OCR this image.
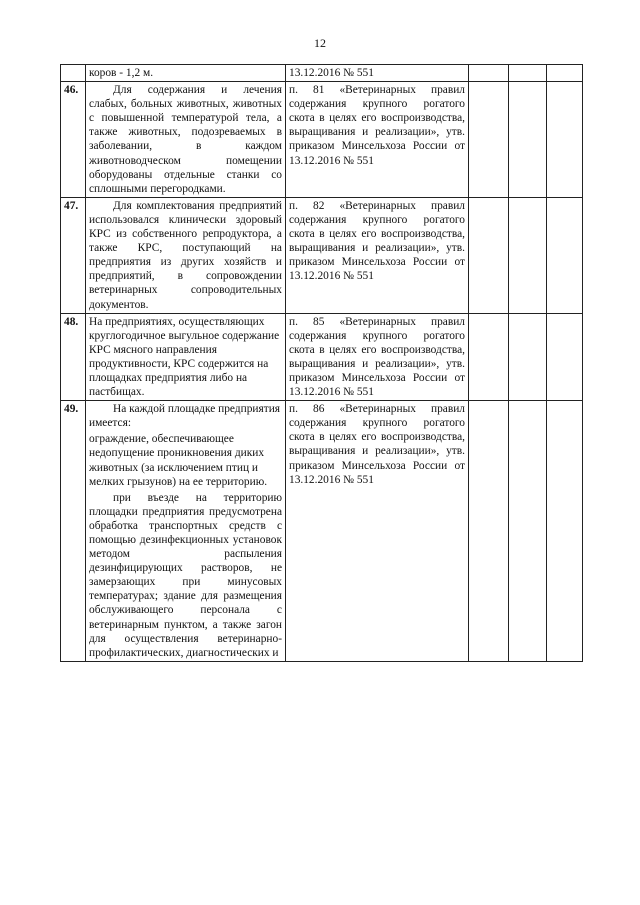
12

	коров - 1,2 м.	13.12.2016 № 551			
46.	Для содержания и лечения слабых, больных животных, животных с повышенной температурой тела, а также животных, подозреваемых в заболевании, в каждом животноводческом помещении оборудованы отдельные станки со сплошными перегородками.	п. 81 «Ветеринарных правил содержания крупного рогатого скота в целях его воспроизводства, выращивания и реализации», утв. приказом Минсельхоза России от 13.12.2016 № 551			
47.	Для комплектования предприятий использовался клинически здоровый КРС из собственного репродуктора, а также КРС, поступающий на предприятия из других хозяйств и предприятий, в сопровождении ветеринарных сопроводительных документов.	п. 82 «Ветеринарных правил содержания крупного рогатого скота в целях его воспроизводства, выращивания и реализации», утв. приказом Минсельхоза России от 13.12.2016 № 551			
48.	На предприятиях, осуществляющих круглогодичное выгульное содержание КРС мясного направления продуктивности, КРС содержится на площадках предприятия либо на пастбищах.	п. 85 «Ветеринарных правил содержания крупного рогатого скота в целях его воспроизводства, выращивания и реализации», утв. приказом Минсельхоза России от 13.12.2016 № 551			
49.	На каждой площадке предприятия имеется:

ограждение, обеспечивающее недопущение проникновения диких животных (за исключением птиц и мелких грызунов) на ее территорию.

при въезде на территорию площадки предприятия предусмотрена обработка транспортных средств с помощью дезинфекционных установок методом распыления дезинфицирующих растворов, не замерзающих при минусовых температурах; здание для размещения обслуживающего персонала с ветеринарным пунктом, а также загон для осуществления ветеринарно-профилактических, диагностических и	п. 86 «Ветеринарных правил содержания крупного рогатого скота в целях его воспроизводства, выращивания и реализации», утв. приказом Минсельхоза России от 13.12.2016 № 551			
